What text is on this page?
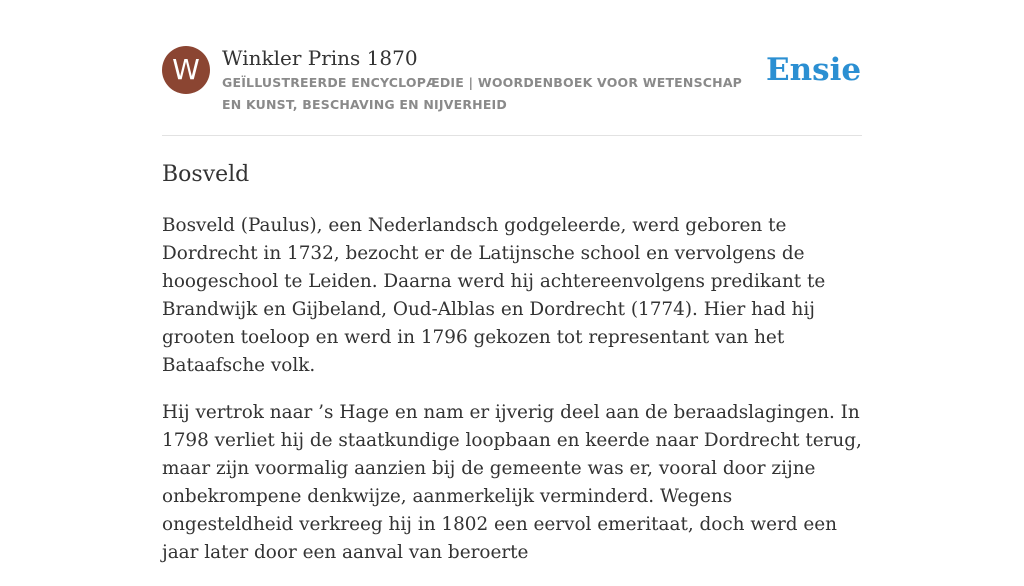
W	Winkler Prins 1870
GEÏLLUSTREERDE ENCYCLOPÆDIE | WOORDENBOEK VOOR WETENSCHAP EN KUNST, BESCHAVING EN NIJVERHEID
Ensie
Bosveld

Bosveld (Paulus), een Nederlandsch godgeleerde, werd geboren te Dordrecht in 1732, bezocht er de Latijnsche school en vervolgens de hoogeschool te Leiden. Daarna werd hij achtereenvolgens predikant te Brandwijk en Gijbeland, Oud-Alblas en Dordrecht (1774). Hier had hij grooten toeloop en werd in 1796 gekozen tot representant van het Bataafsche volk.

Hij vertrok naar ’s Hage en nam er ijverig deel aan de beraadslagingen. In 1798 verliet hij de staatkundige loopbaan en keerde naar Dordrecht terug, maar zijn voormalig aanzien bij de gemeente was er, vooral door zijne onbekrompene denkwijze, aanmerkelijk verminderd. Wegens ongesteldheid verkreeg hij in 1802 een eervol emeritaat, doch werd een jaar later door een aanval van beroerte
